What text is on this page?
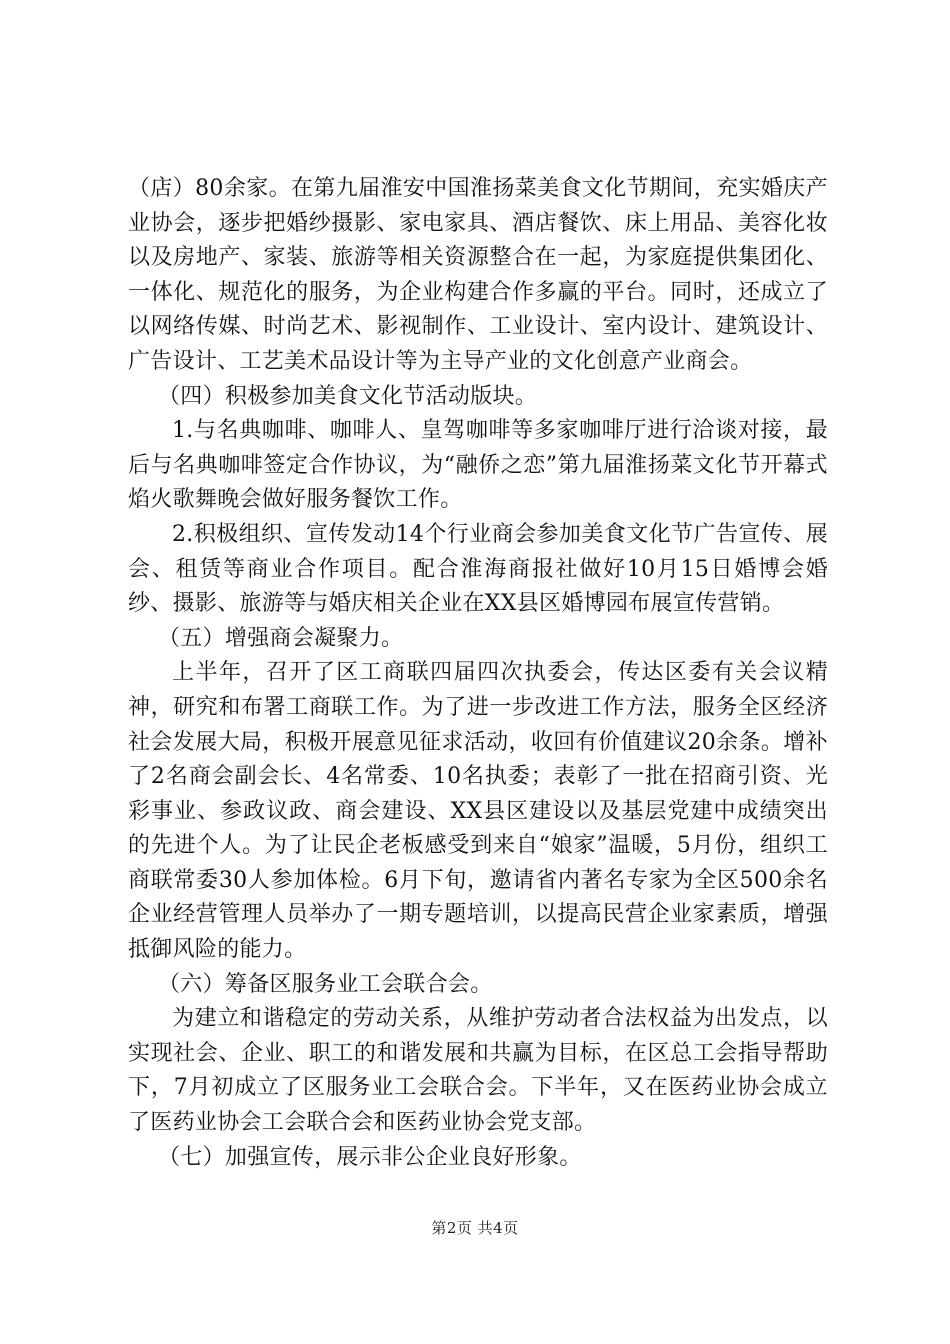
（店）80余家。在第九届淮安中国淮扬菜美食文化节期间，充实婚庆产业协会，逐步把婚纱摄影、家电家具、酒店餐饮、床上用品、美容化妆以及房地产、家装、旅游等相关资源整合在一起，为家庭提供集团化、一体化、规范化的服务，为企业构建合作多赢的平台。同时，还成立了以网络传媒、时尚艺术、影视制作、工业设计、室内设计、建筑设计、广告设计、工艺美术品设计等为主导产业的文化创意产业商会。

（四）积极参加美食文化节活动版块。

1.与名典咖啡、咖啡人、皇驾咖啡等多家咖啡厅进行洽谈对接，最后与名典咖啡签定合作协议，为“融侨之恋”第九届淮扬菜文化节开幕式焰火歌舞晚会做好服务餐饮工作。

2.积极组织、宣传发动14个行业商会参加美食文化节广告宣传、展会、租赁等商业合作项目。配合淮海商报社做好10月15日婚博会婚纱、摄影、旅游等与婚庆相关企业在XX县区婚博园布展宣传营销。

（五）增强商会凝聚力。

上半年，召开了区工商联四届四次执委会，传达区委有关会议精神，研究和布署工商联工作。为了进一步改进工作方法，服务全区经济社会发展大局，积极开展意见征求活动，收回有价值建议20余条。增补了2名商会副会长、4名常委、10名执委；表彰了一批在招商引资、光彩事业、参政议政、商会建设、XX县区建设以及基层党建中成绩突出的先进个人。为了让民企老板感受到来自“娘家”温暖，5月份，组织工商联常委30人参加体检。6月下旬，邀请省内著名专家为全区500余名企业经营管理人员举办了一期专题培训，以提高民营企业家素质，增强抵御风险的能力。

（六）筹备区服务业工会联合会。

为建立和谐稳定的劳动关系，从维护劳动者合法权益为出发点，以实现社会、企业、职工的和谐发展和共赢为目标，在区总工会指导帮助下，7月初成立了区服务业工会联合会。下半年，又在医药业协会成立了医药业协会工会联合会和医药业协会党支部。

（七）加强宣传，展示非公企业良好形象。

第2页 共4页
